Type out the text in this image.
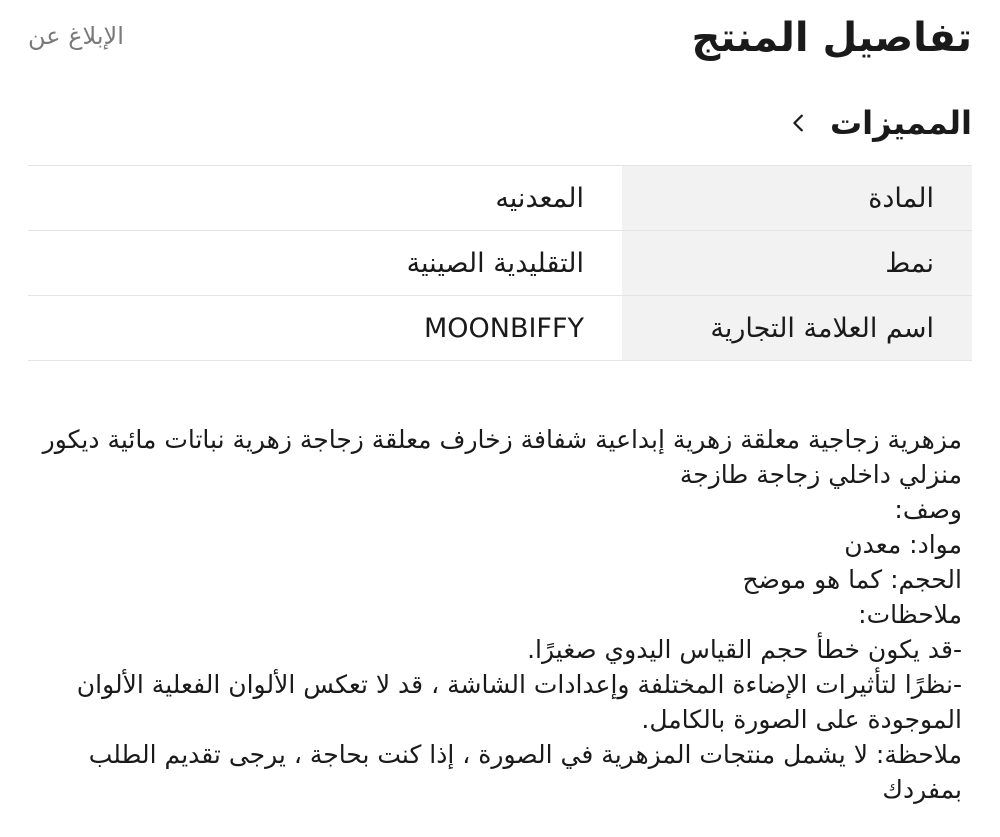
تفاصيل المنتج
الإبلاغ عن
المميزات
المادة	المعدنيه
نمط	التقليدية الصينية
اسم العلامة التجارية	MOONBIFFY

مزهرية زجاجية معلقة زهرية إبداعية شفافة زخارف معلقة زجاجة زهرية نباتات مائية ديكور منزلي داخلي زجاجة طازجة

وصف:

مواد: معدن

الحجم: كما هو موضح

ملاحظات:

-قد يكون خطأ حجم القياس اليدوي صغيرًا.

-نظرًا لتأثيرات الإضاءة المختلفة وإعدادات الشاشة ، قد لا تعكس الألوان الفعلية الألوان الموجودة على الصورة بالكامل.

ملاحظة: لا يشمل منتجات المزهرية في الصورة ، إذا كنت بحاجة ، يرجى تقديم الطلب بمفردك
